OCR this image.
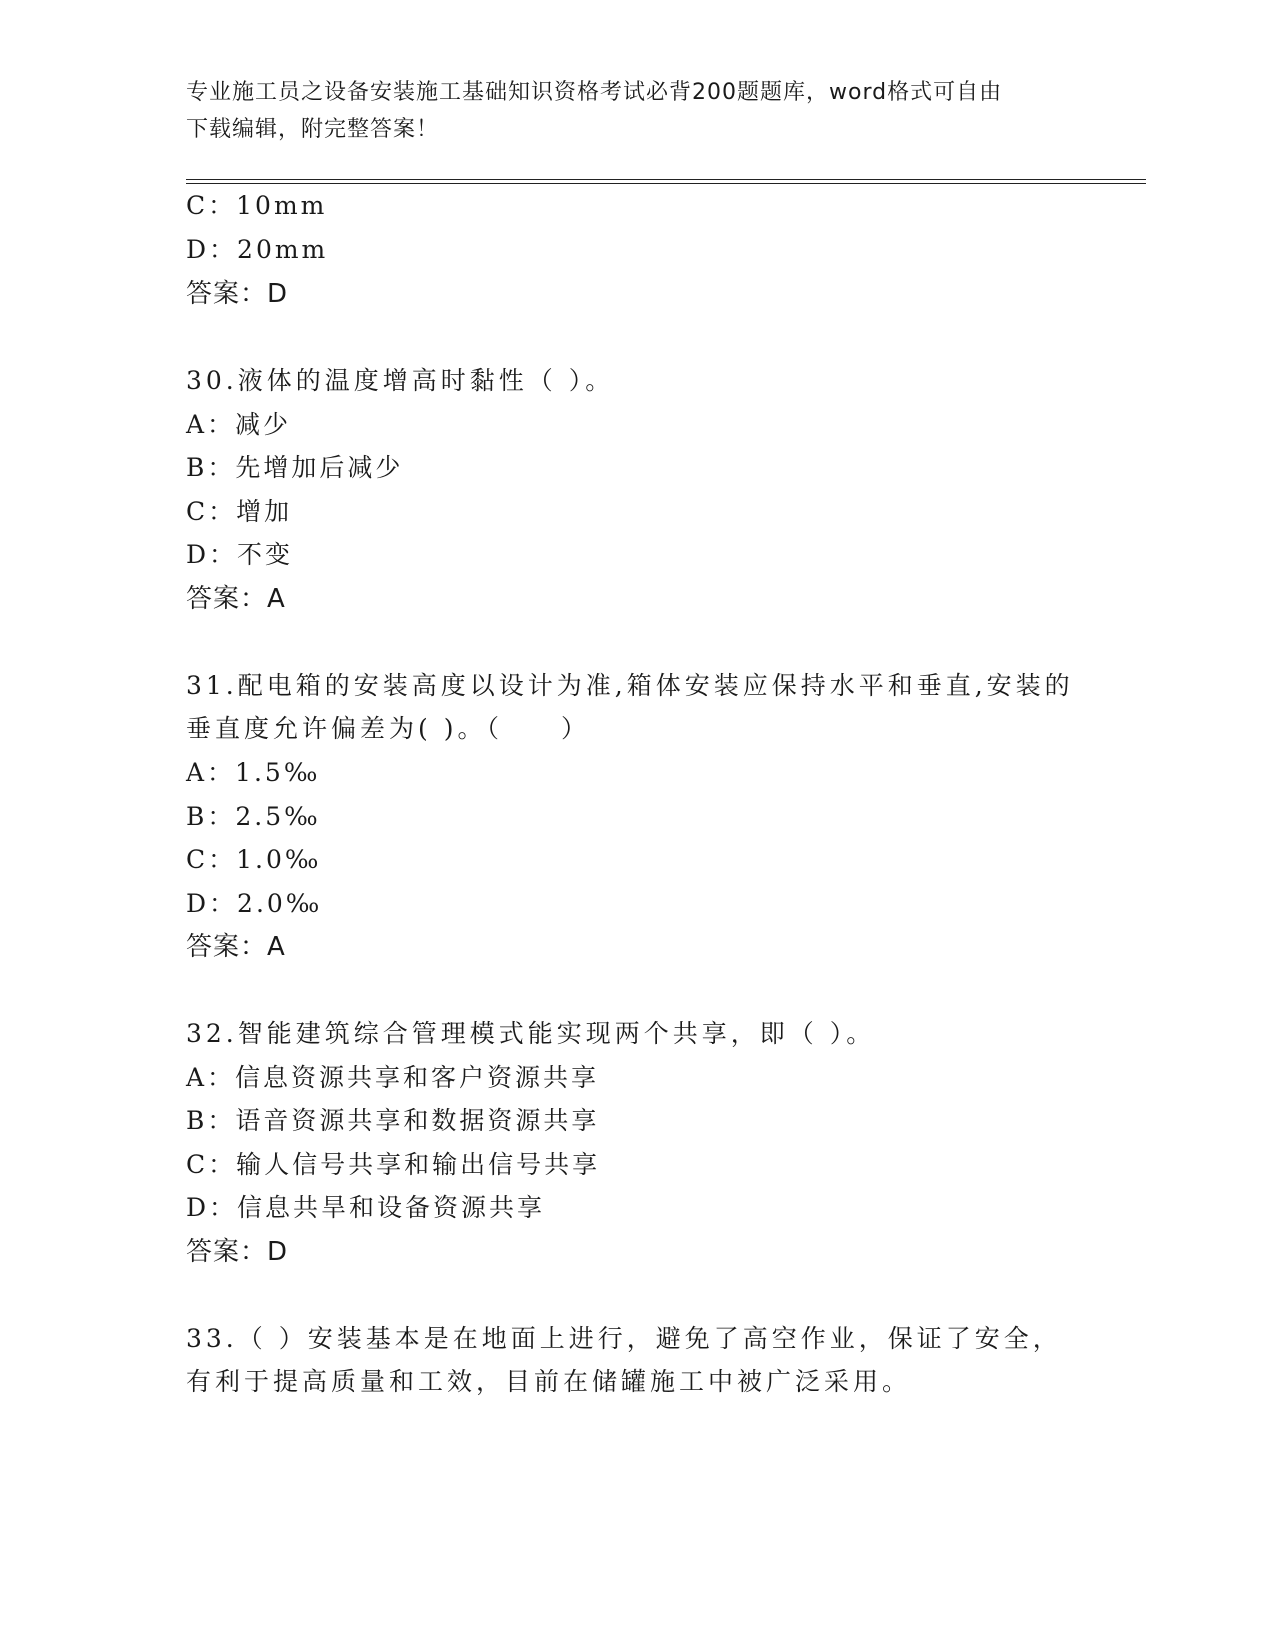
专业施工员之设备安装施工基础知识资格考试必背200题题库，word格式可自由
下载编辑，附完整答案！
C：10mm
D：20mm
答案：D
30.液体的温度增高时黏性（ ）。
A：减少
B：先增加后减少
C：增加
D：不变
答案：A
31.配电箱的安装高度以设计为准,箱体安装应保持水平和垂直,安装的
垂直度允许偏差为( )。（　　）
A：1.5‰
B：2.5‰
C：1.0‰
D：2.0‰
答案：A
32.智能建筑综合管理模式能实现两个共享，即（ ）。
A：信息资源共享和客户资源共享
B：语音资源共享和数据资源共享
C：输人信号共享和输出信号共享
D：信息共旱和设备资源共享
答案：D
33.（ ）安装基本是在地面上进行，避免了高空作业，保证了安全，
有利于提高质量和工效，目前在储罐施工中被广泛采用。
